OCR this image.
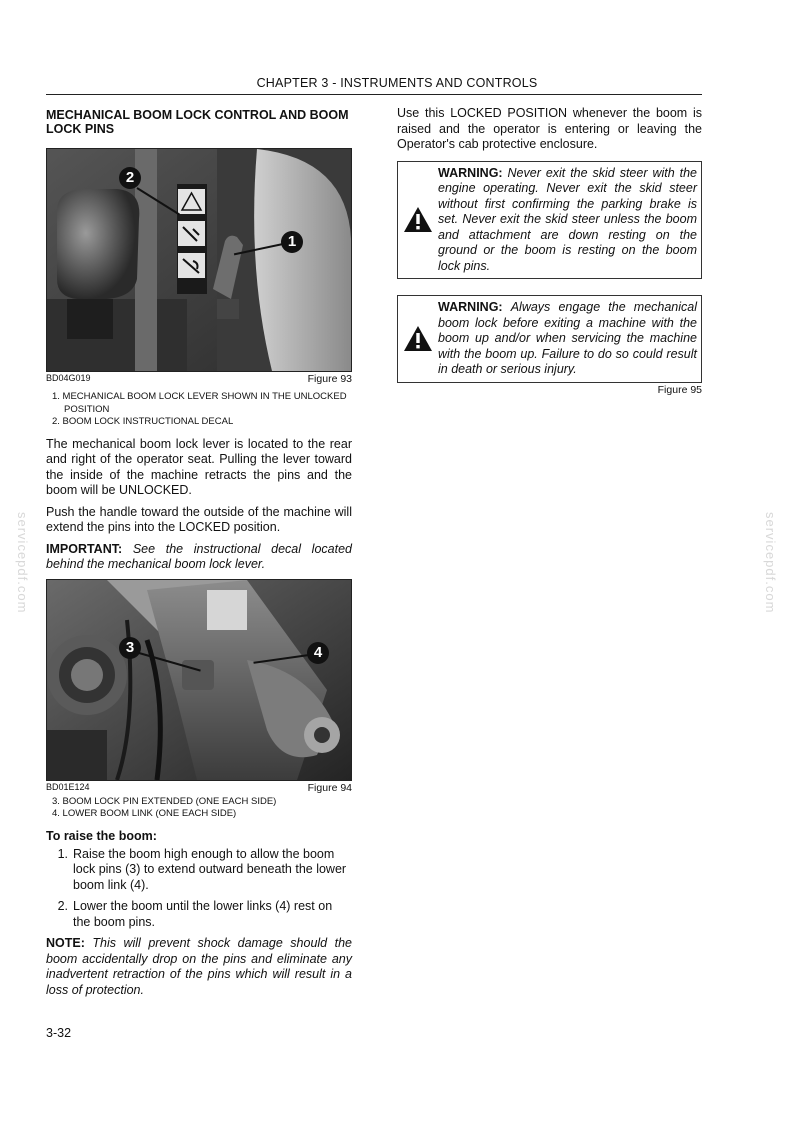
CHAPTER 3 - INSTRUMENTS AND CONTROLS
MECHANICAL BOOM LOCK CONTROL AND BOOM LOCK PINS
2
1
BD04G019	Figure 93
1. MECHANICAL BOOM LOCK LEVER SHOWN IN THE UNLOCKED POSITION
2. BOOM LOCK INSTRUCTIONAL DECAL

The mechanical boom lock lever is located to the rear and right of the operator seat. Pulling the lever toward the inside of the machine retracts the pins and the boom will be UNLOCKED.

Push the handle toward the outside of the machine will extend the pins into the LOCKED position.

IMPORTANT: See the instructional decal located behind the mechanical boom lock lever.

3	4
BD01E124	Figure 94
3. BOOM LOCK PIN EXTENDED (ONE EACH SIDE)
4. LOWER BOOM LINK (ONE EACH SIDE)
To raise the boom:
1. Raise the boom high enough to allow the boom lock pins (3) to extend outward beneath the lower boom link (4).
2. Lower the boom until the lower links (4) rest on the boom pins.

NOTE: This will prevent shock damage should the boom accidentally drop on the pins and eliminate any inadvertent retraction of the pins which will result in a loss of protection.

Use this LOCKED POSITION whenever the boom is raised and the operator is entering or leaving the Operator's cab protective enclosure.

WARNING: Never exit the skid steer with the engine operating. Never exit the skid steer without first confirming the parking brake is set. Never exit the skid steer unless the boom and attachment are down resting on the ground or the boom is resting on the boom lock pins.
WARNING: Always engage the mechanical boom lock before exiting a machine with the boom up and/or when servicing the machine with the boom up. Failure to do so could result in death or serious injury.
Figure 95
3-32
servicepdf.com	servicepdf.com
